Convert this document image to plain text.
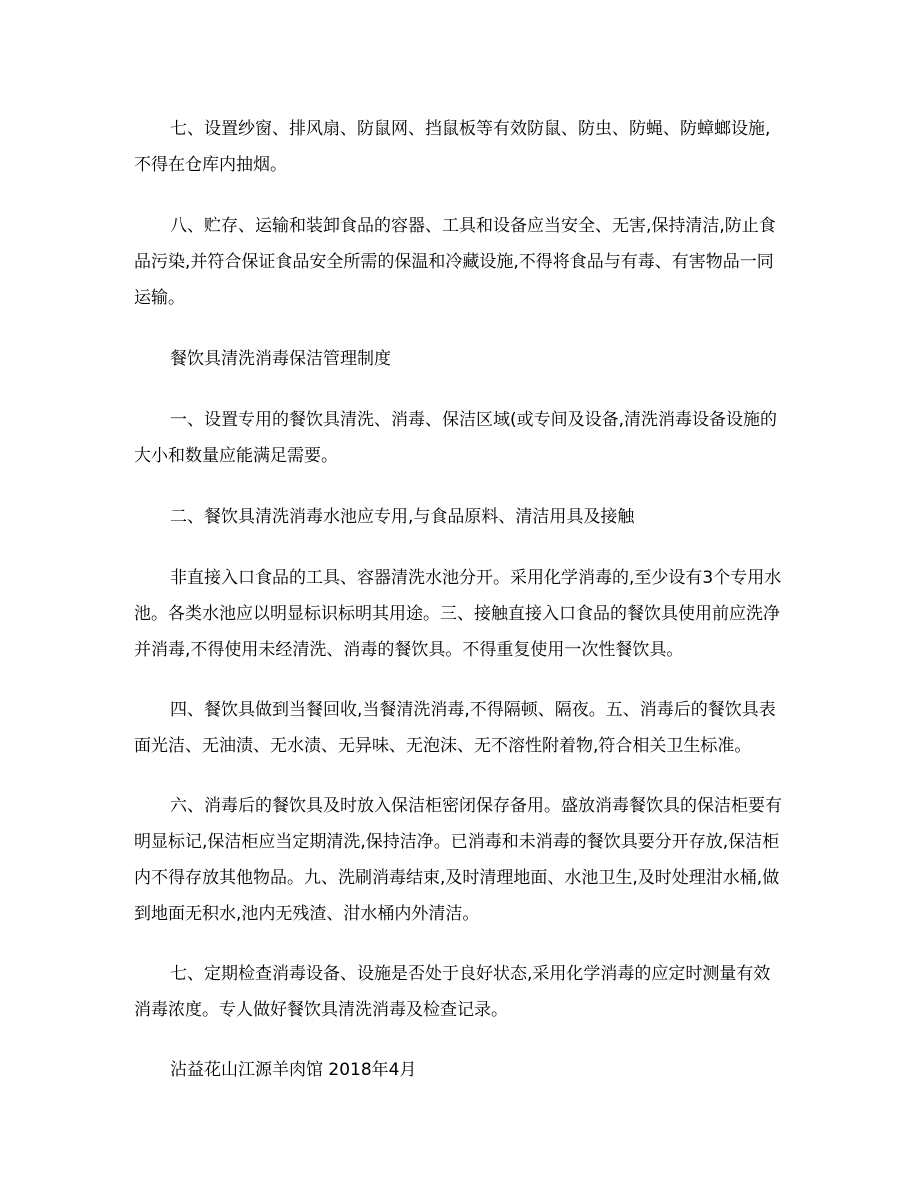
七、设置纱窗、排风扇、防鼠网、挡鼠板等有效防鼠、防虫、防蝇、防蟑螂设施,不得在仓库内抽烟。

八、贮存、运输和装卸食品的容器、工具和设备应当安全、无害,保持清洁,防止食品污染,并符合保证食品安全所需的保温和冷藏设施,不得将食品与有毒、有害物品一同运输。

餐饮具清洗消毒保洁管理制度

一、设置专用的餐饮具清洗、消毒、保洁区域(或专间及设备,清洗消毒设备设施的大小和数量应能满足需要。

二、餐饮具清洗消毒水池应专用,与食品原料、清洁用具及接触

非直接入口食品的工具、容器清洗水池分开。采用化学消毒的,至少设有3个专用水池。各类水池应以明显标识标明其用途。三、接触直接入口食品的餐饮具使用前应洗净并消毒,不得使用未经清洗、消毒的餐饮具。不得重复使用一次性餐饮具。

四、餐饮具做到当餐回收,当餐清洗消毒,不得隔顿、隔夜。五、消毒后的餐饮具表面光洁、无油渍、无水渍、无异味、无泡沫、无不溶性附着物,符合相关卫生标准。

六、消毒后的餐饮具及时放入保洁柜密闭保存备用。盛放消毒餐饮具的保洁柜要有明显标记,保洁柜应当定期清洗,保持洁净。已消毒和未消毒的餐饮具要分开存放,保洁柜内不得存放其他物品。九、洗刷消毒结束,及时清理地面、水池卫生,及时处理泔水桶,做到地面无积水,池内无残渣、泔水桶内外清洁。

七、定期检查消毒设备、设施是否处于良好状态,采用化学消毒的应定时测量有效消毒浓度。专人做好餐饮具清洗消毒及检查记录。

沾益花山江源羊肉馆 2018年4月
